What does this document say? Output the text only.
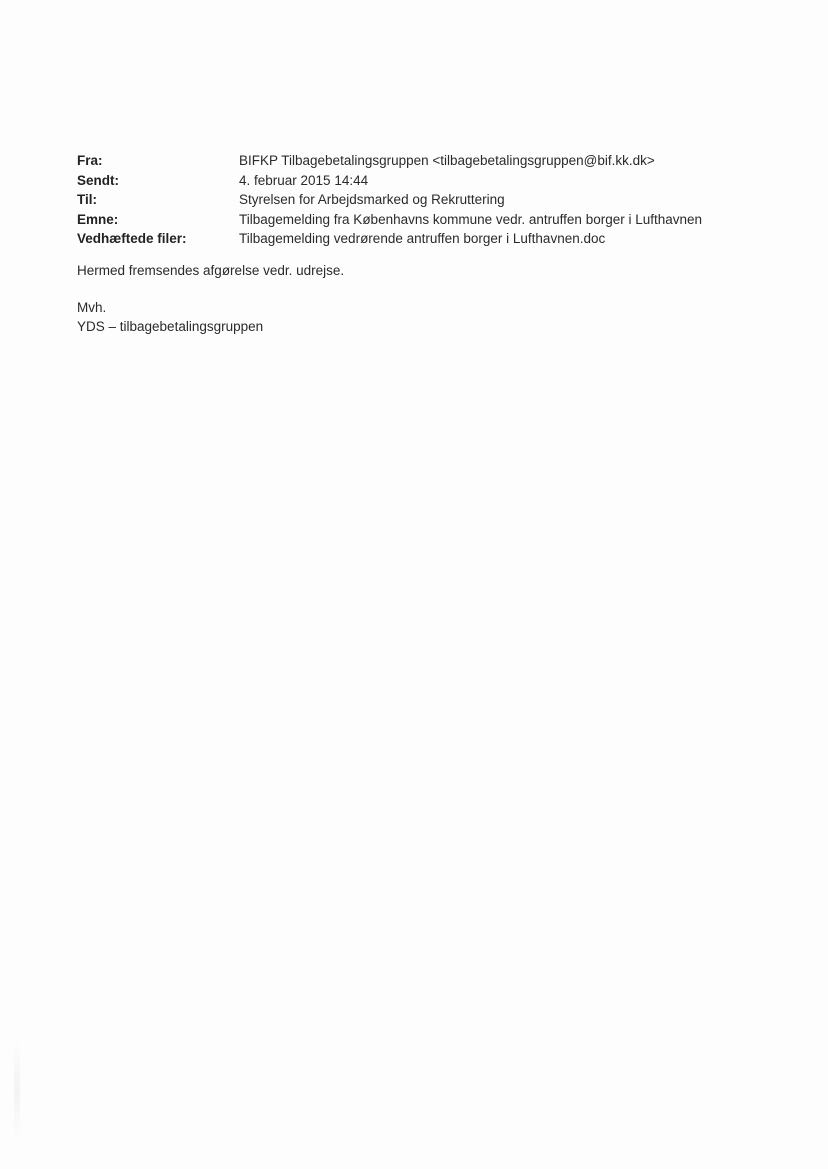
Fra:	BIFKP Tilbagebetalingsgruppen <tilbagebetalingsgruppen@bif.kk.dk>
Sendt:	4. februar 2015 14:44
Til:	Styrelsen for Arbejdsmarked og Rekruttering
Emne:	Tilbagemelding fra Københavns kommune vedr. antruffen borger i Lufthavnen
Vedhæftede filer:	Tilbagemelding vedrørende antruffen borger i Lufthavnen.doc
Hermed fremsendes afgørelse vedr. udrejse.
Mvh.
YDS – tilbagebetalingsgruppen
